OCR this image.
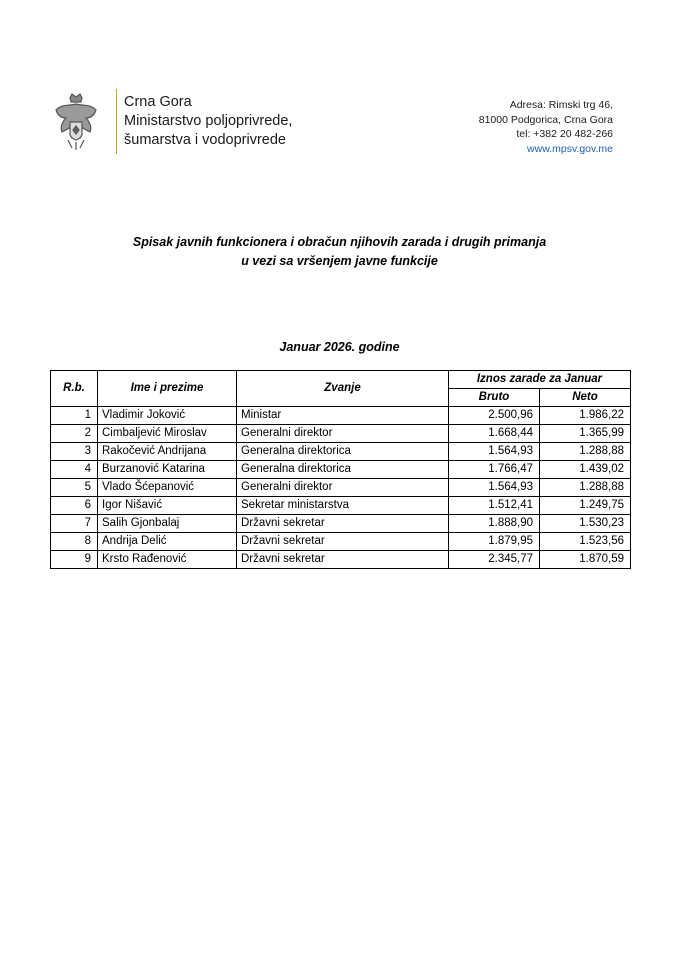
Crna Gora
Ministarstvo poljoprivrede,
šumarstva i vodoprivrede
Adresa: Rimski trg 46,
81000 Podgorica, Crna Gora
tel: +382 20 482-266
www.mpsv.gov.me
Spisak javnih funkcionera i obračun njihovih zarada i drugih primanja
u vezi sa vršenjem javne funkcije
Januar 2026. godine
R.b.	Ime i prezime	Zvanje	Iznos zarade za Januar	
			Bruto	Neto
1	Vladimir Joković	Ministar	2.500,96	1.986,22
2	Cimbaljević Miroslav	Generalni direktor	1.668,44	1.365,99
3	Rakočević Andrijana	Generalna direktorica	1.564,93	1.288,88
4	Burzanović Katarina	Generalna direktorica	1.766,47	1.439,02
5	Vlado Šćepanović	Generalni direktor	1.564,93	1.288,88
6	Igor Nišavić	Sekretar ministarstva	1.512,41	1.249,75
7	Salih Gjonbalaj	Državni sekretar	1.888,90	1.530,23
8	Andrija Delić	Državni sekretar	1.879,95	1.523,56
9	Krsto Rađenović	Državni sekretar	2.345,77	1.870,59
